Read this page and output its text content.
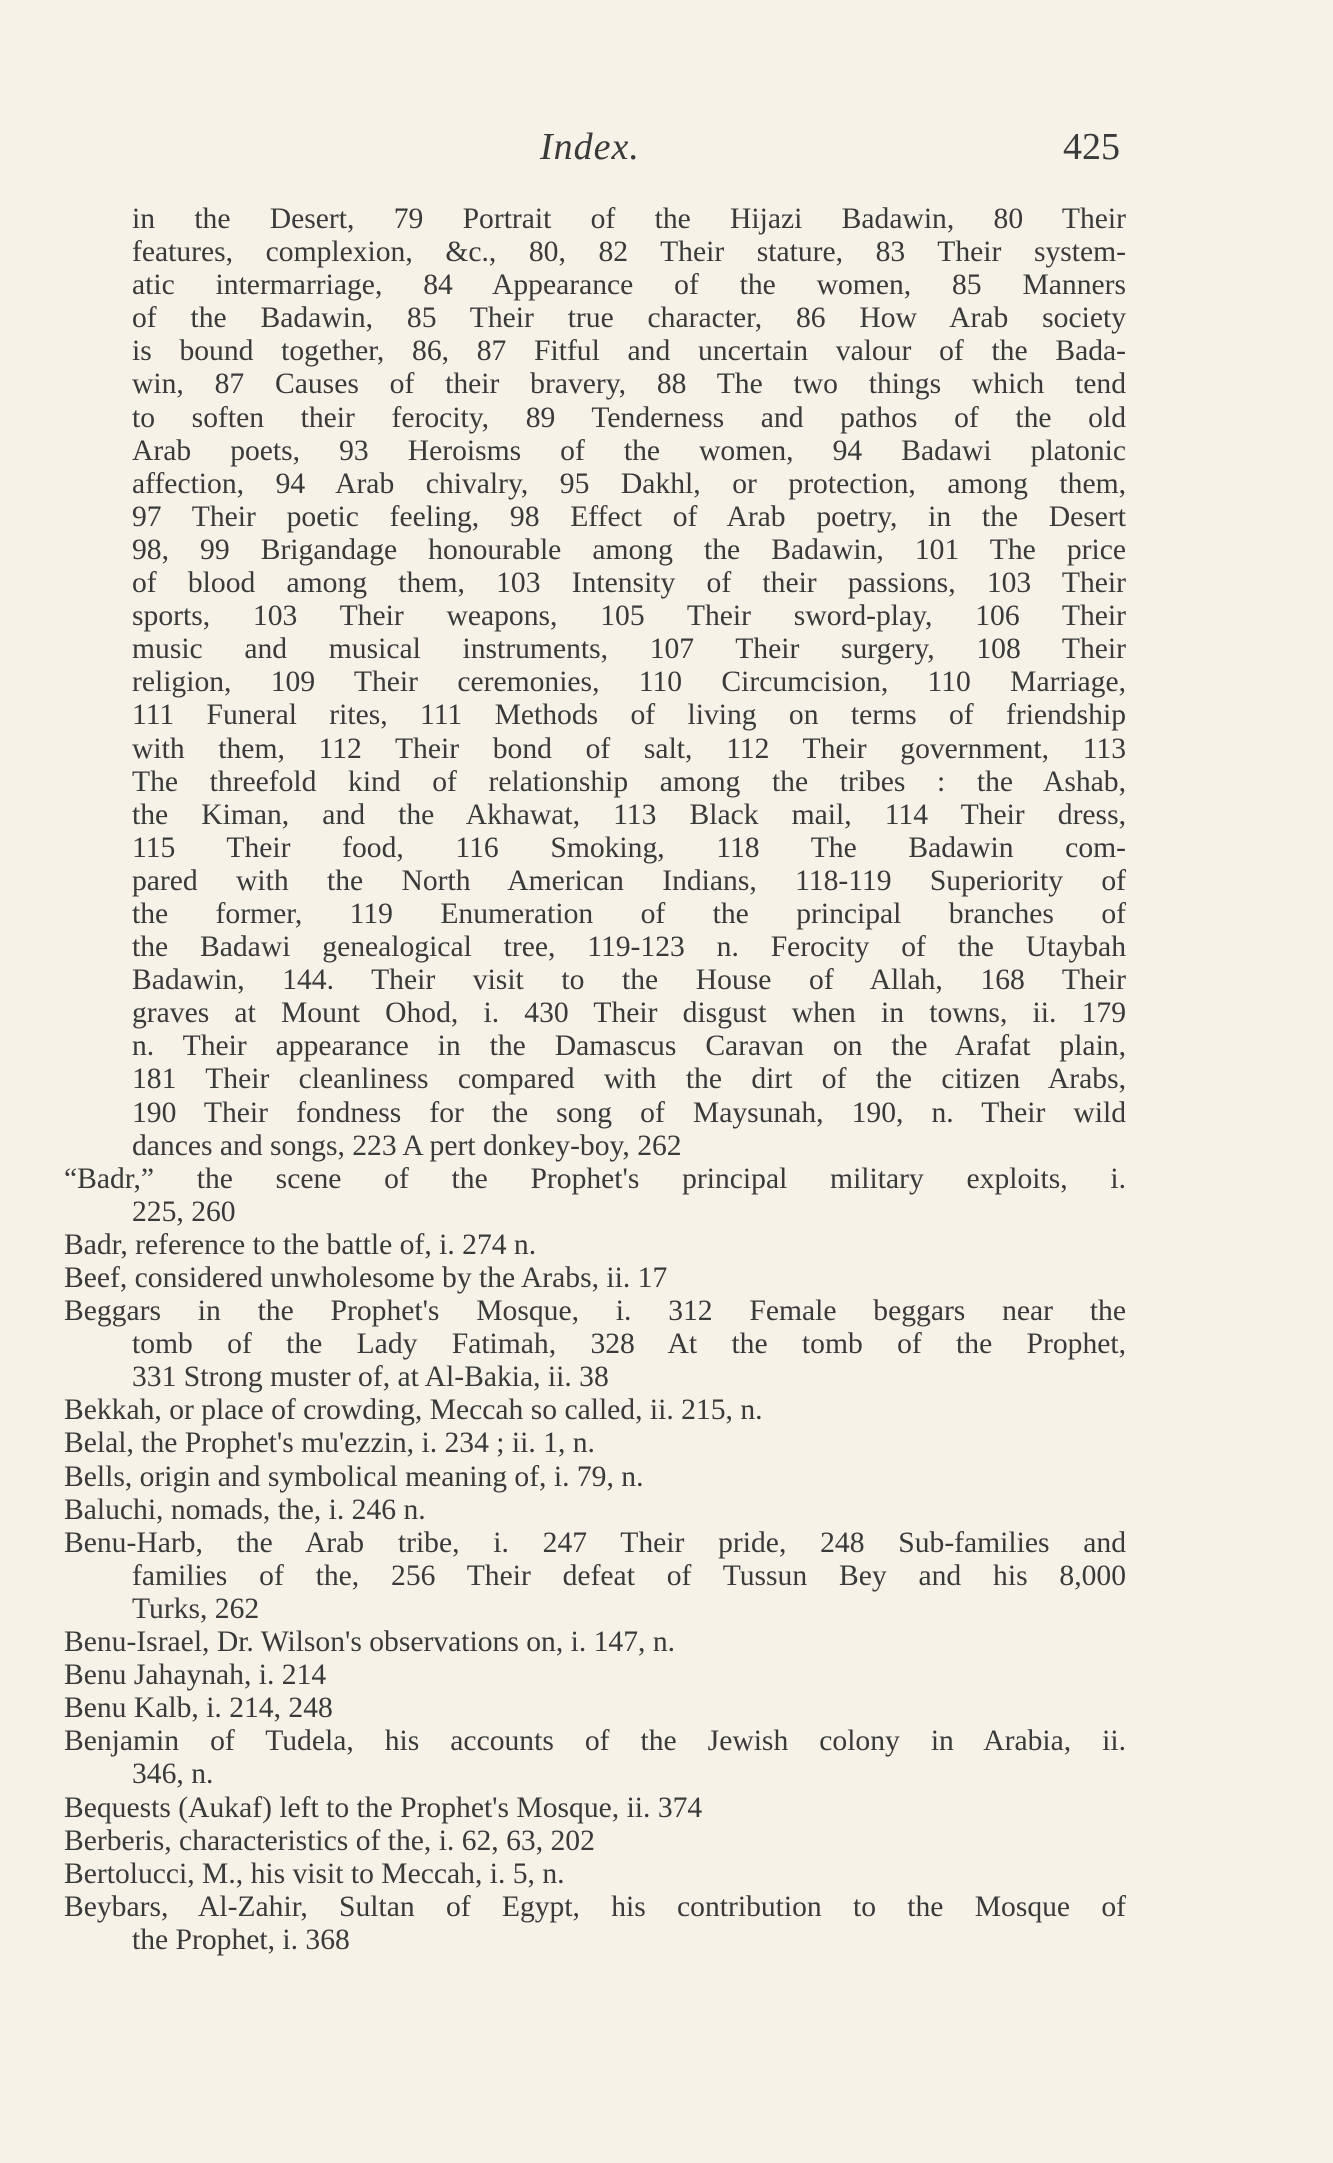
Index.	425
in the Desert, 79 Portrait of the Hijazi Badawin, 80 Their
features, complexion, &c., 80, 82 Their stature, 83 Their system-
atic intermarriage, 84 Appearance of the women, 85 Manners
of the Badawin, 85 Their true character, 86 How Arab society
is bound together, 86, 87 Fitful and uncertain valour of the Bada-
win, 87 Causes of their bravery, 88 The two things which tend
to soften their ferocity, 89 Tenderness and pathos of the old
Arab poets, 93 Heroisms of the women, 94 Badawi platonic
affection, 94 Arab chivalry, 95 Dakhl, or protection, among them,
97 Their poetic feeling, 98 Effect of Arab poetry, in the Desert
98, 99 Brigandage honourable among the Badawin, 101 The price
of blood among them, 103 Intensity of their passions, 103 Their
sports, 103 Their weapons, 105 Their sword-play, 106 Their
music and musical instruments, 107 Their surgery, 108 Their
religion, 109 Their ceremonies, 110 Circumcision, 110 Marriage,
111 Funeral rites, 111 Methods of living on terms of friendship
with them, 112 Their bond of salt, 112 Their government, 113
The threefold kind of relationship among the tribes : the Ashab,
the Kiman, and the Akhawat, 113 Black mail, 114 Their dress,
115 Their food, 116 Smoking, 118 The Badawin com-
pared with the North American Indians, 118-119 Superiority of
the former, 119 Enumeration of the principal branches of
the Badawi genealogical tree, 119-123 n. Ferocity of the Utaybah
Badawin, 144. Their visit to the House of Allah, 168 Their
graves at Mount Ohod, i. 430 Their disgust when in towns, ii. 179
n. Their appearance in the Damascus Caravan on the Arafat plain,
181 Their cleanliness compared with the dirt of the citizen Arabs,
190 Their fondness for the song of Maysunah, 190, n. Their wild
dances and songs, 223 A pert donkey-boy, 262
“Badr,” the scene of the Prophet's principal military exploits, i.
225, 260
Badr, reference to the battle of, i. 274 n.
Beef, considered unwholesome by the Arabs, ii. 17
Beggars in the Prophet's Mosque, i. 312 Female beggars near the
tomb of the Lady Fatimah, 328 At the tomb of the Prophet,
331 Strong muster of, at Al-Bakia, ii. 38
Bekkah, or place of crowding, Meccah so called, ii. 215, n.
Belal, the Prophet's mu'ezzin, i. 234 ; ii. 1, n.
Bells, origin and symbolical meaning of, i. 79, n.
Baluchi, nomads, the, i. 246 n.
Benu-Harb, the Arab tribe, i. 247 Their pride, 248 Sub-families and
families of the, 256 Their defeat of Tussun Bey and his 8,000
Turks, 262
Benu-Israel, Dr. Wilson's observations on, i. 147, n.
Benu Jahaynah, i. 214
Benu Kalb, i. 214, 248
Benjamin of Tudela, his accounts of the Jewish colony in Arabia, ii.
346, n.
Bequests (Aukaf) left to the Prophet's Mosque, ii. 374
Berberis, characteristics of the, i. 62, 63, 202
Bertolucci, M., his visit to Meccah, i. 5, n.
Beybars, Al-Zahir, Sultan of Egypt, his contribution to the Mosque of
the Prophet, i. 368
